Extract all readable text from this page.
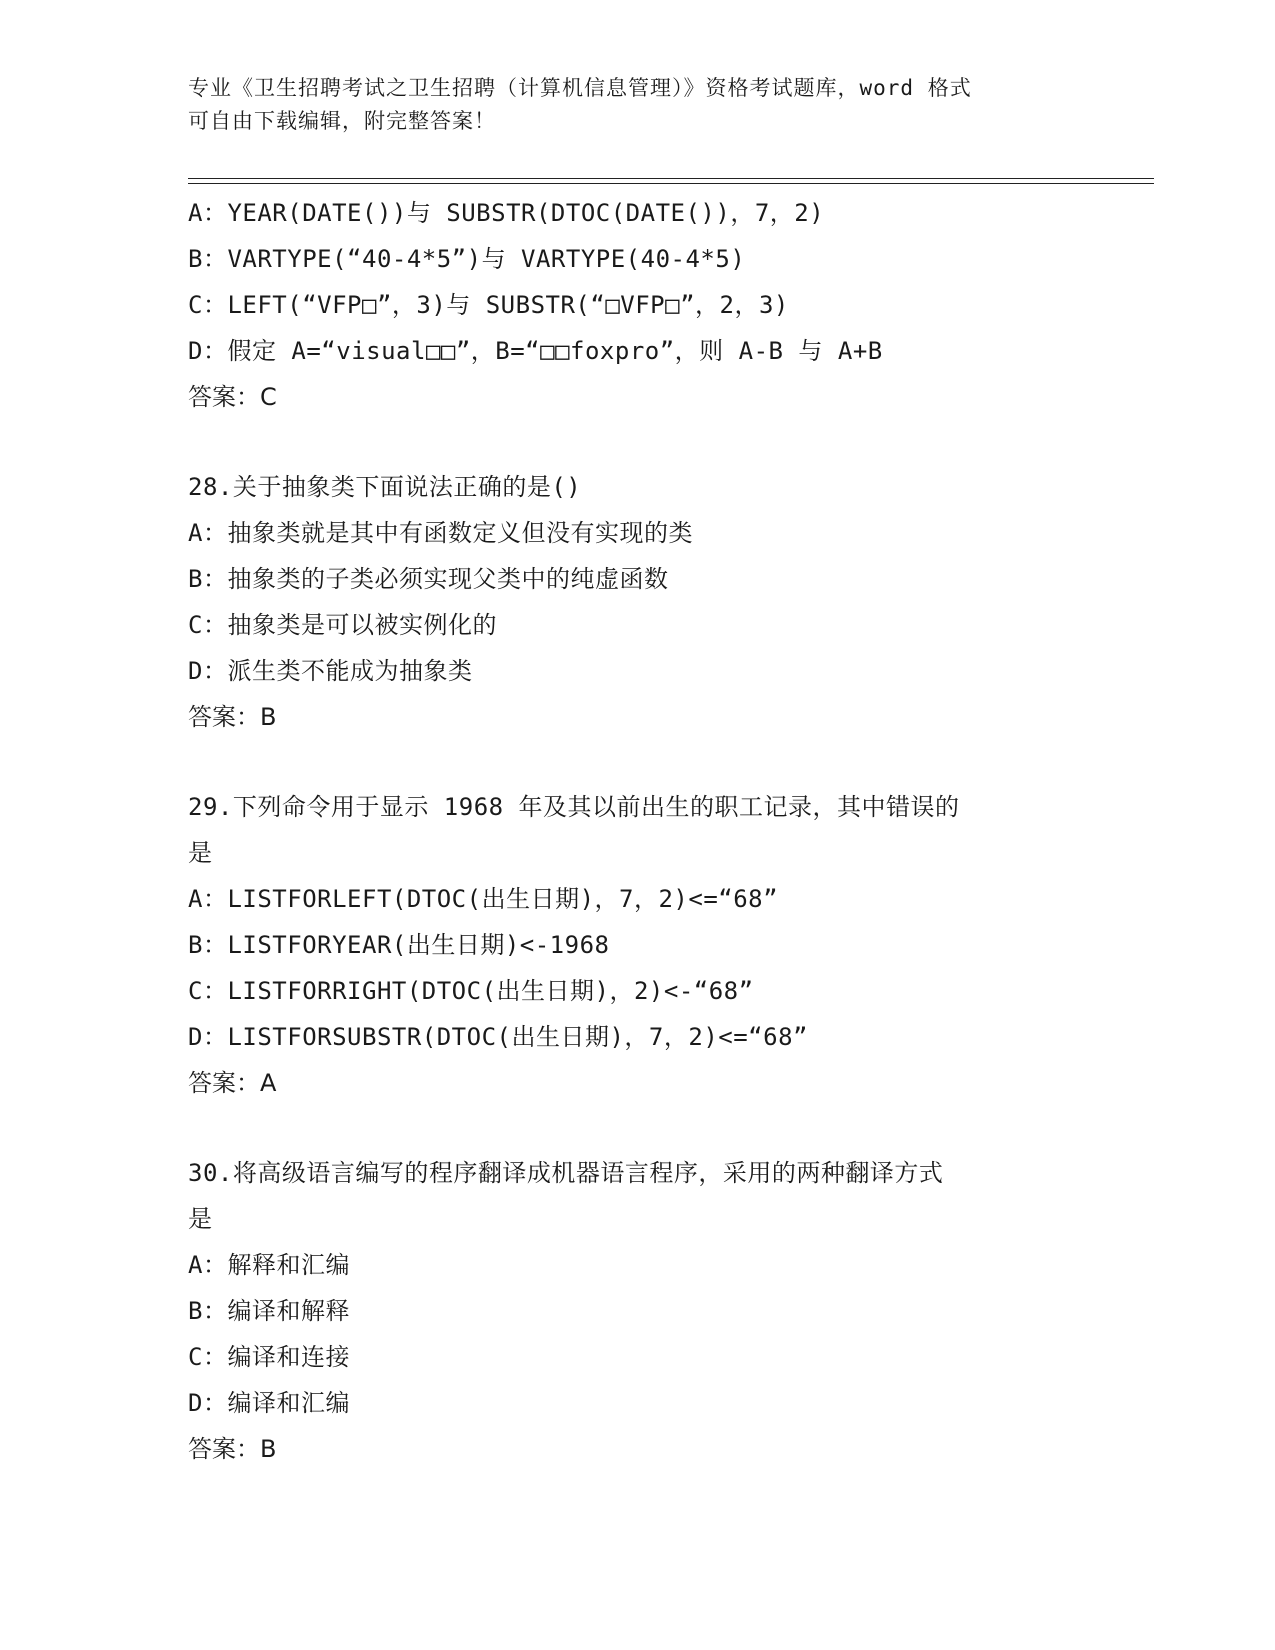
专业《卫生招聘考试之卫生招聘（计算机信息管理）》资格考试题库，word 格式
可自由下载编辑，附完整答案！
A：YEAR(DATE())与 SUBSTR(DTOC(DATE())，7，2)
B：VARTYPE(“40-4*5”)与 VARTYPE(40-4*5)
C：LEFT(“VFP□”，3)与 SUBSTR(“□VFP□”，2，3)
D：假定 A=“visual□□”，B=“□□foxpro”，则 A-B 与 A+B
答案：C
28.关于抽象类下面说法正确的是()
A：抽象类就是其中有函数定义但没有实现的类
B：抽象类的子类必须实现父类中的纯虚函数
C：抽象类是可以被实例化的
D：派生类不能成为抽象类
答案：B
29.下列命令用于显示 1968 年及其以前出生的职工记录，其中错误的
是
A：LISTFORLEFT(DTOC(出生日期)，7，2)<=“68”
B：LISTFORYEAR(出生日期)<-1968
C：LISTFORRIGHT(DTOC(出生日期)，2)<-“68”
D：LISTFORSUBSTR(DTOC(出生日期)，7，2)<=“68”
答案：A
30.将高级语言编写的程序翻译成机器语言程序，采用的两种翻译方式
是
A：解释和汇编
B：编译和解释
C：编译和连接
D：编译和汇编
答案：B
